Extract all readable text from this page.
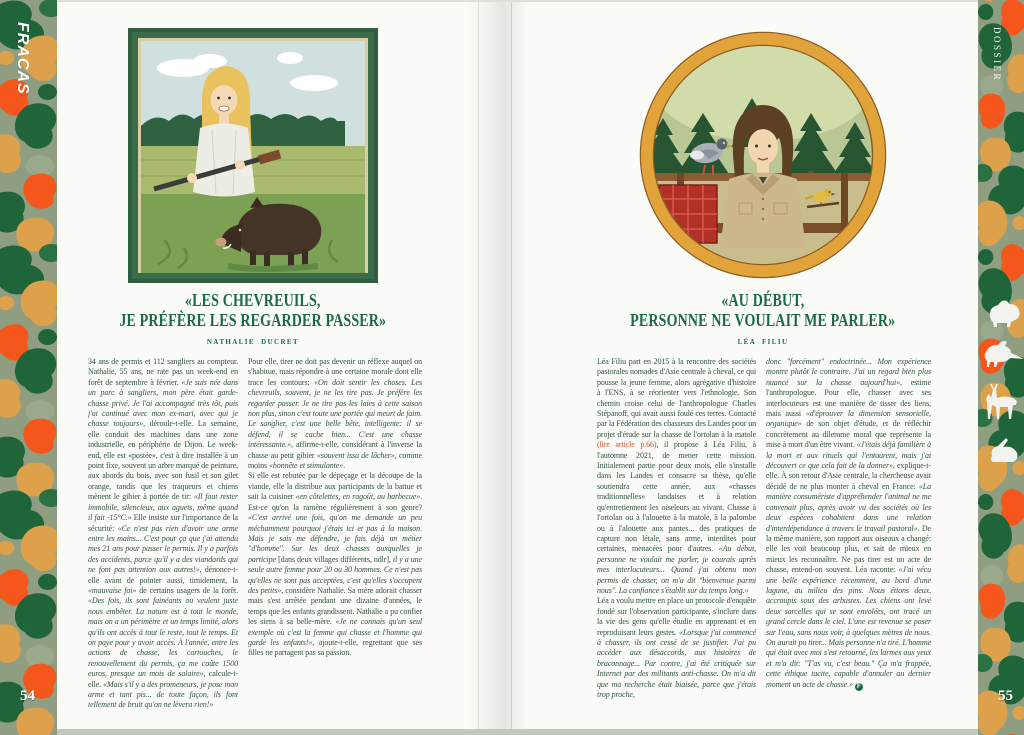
«LES CHEVREUILS,
JE PRÉFÈRE LES REGARDER PASSER»
NATHALIE DUCRET
34 ans de permis et 112 sangliers au compteur. Nathalie, 55 ans, ne rate pas un week-end en forêt de septembre à février. «Je suis née dans un parc à sangliers, mon père était garde-chasse privé. Je l'ai accompagné très tôt, puis j'ai continué avec mon ex-mari, avec qui je chasse toujours», déroule-t-elle. La semaine, elle conduit des machines dans une zone industrielle, en périphérie de Dijon. Le week-end, elle est «postée», c'est à dire installée à un point fixe, souvent un arbre marqué de peinture, aux abords du bois, avec son fusil et son gilet orange, tandis que les traqueurs et chiens mènent le gibier à portée de tir: «Il faut rester immobile, silencieux, aux aguets, même quand il fait -15°C.» Elle insiste sur l'importance de la sécurité: «Ce n'est pas rien d'avoir une arme entre les mains... C'est pour ça que j'ai attendu mes 21 ans pour passer le permis. Il y a parfois des accidents, parce qu'il y a des viandards qui ne font pas attention aux autres!», dénonce-t-elle avant de pointer aussi, timidement, la «mauvaise foi» de certains usagers de la forêt. «Des fois, ils sont fainéants ou veulent juste nous embêter. La nature est à tout le monde, mais on a un périmètre et un temps limité, alors qu'ils ont accès à tout le reste, tout le temps. Et on paye pour y avoir accès. À l'année, entre les actions de chasse, les cartouches, le renouvellement du permis, ça me coûte 1500 euros, presque un mois de salaire», calcule-t-elle. «Mais s'il y a des promeneurs, je pose mon arme et tant pis... de toute façon, ils font tellement de bruit qu'on ne lèvera rien!»
Pour elle, tirer ne doit pas devenir un réflexe auquel on s'habitue, mais répondre à une certaine morale dont elle trace les contours: «On doit sentir les choses. Les chevreuils, souvent, je ne les tire pas. Je préfère les regarder passer. Je ne tire pas les laies à cette saison non plus, sinon c'est toute une portée qui meurt de faim. Le sanglier, c'est une belle bête, intelligente: il se défend, il se cache bien... C'est une chasse intéressante.», affirme-t-elle, considérant à l'inverse la chasse au petit gibier «souvent issu de lâcher», comme moins «honnête et stimulante».
Si elle est rebutée par le dépeçage et la découpe de la viande, elle la distribue aux participants de la battue et sait la cuisiner «en côtelettes, en ragoût, au barbecue». Est-ce qu'on la ramène régulièrement à son genre? «C'est arrivé une fois, qu'on me demande un peu méchamment pourquoi j'étais ici et pas à la maison. Mais je sais me défendre, je fais déjà un métier "d'homme". Sur les deux chasses auxquelles je participe [dans deux villages différents, ndlr], il y a une seule autre femme pour 20 ou 30 hommes. Ce n'est pas qu'elles ne sont pas acceptées, c'est qu'elles s'occupent des petits», considère Nathalie. Sa mère adorait chasser mais s'est arrêtée pendant une dizaine d'années, le temps que les enfants grandissent. Nathalie a pu confier les siens à sa belle-mère. «Je ne connais qu'un seul exemple où c'est la femme qui chasse et l'homme qui garde les enfants!», ajoute-t-elle, regrettant que ses filles ne partagent pas sa passion.
«AU DÉBUT,
PERSONNE NE VOULAIT ME PARLER»
LÉA FILIU
Léa Filiu part en 2015 à la rencontre des sociétés pastorales nomades d'Asie centrale à cheval, ce qui pousse la jeune femme, alors agrégative d'histoire à l'ENS, à se réorienter vers l'ethnologie. Son chemin croise celui de l'anthropologue Charles Stépanoff, qui avait aussi foulé ces terres. Contacté par la Fédération des chasseurs des Landes pour un projet d'étude sur la chasse de l'ortolan à la matole (lire article p.66), il propose à Léa Filiu, à l'automne 2021, de mener cette mission. Initialement partie pour deux mois, elle s'installe dans les Landes et consacre sa thèse, qu'elle soutiendra cette année, aux «chasses traditionnelles» landaises et à relation qu'entretiennent les oiseleurs au vivant. Chasse à l'ortolan ou à l'alouette à la matole, à la palombe ou à l'alouette aux pantes... des pratiques de capture non létale, sans arme, interdites pour certaines, menacées pour d'autres. «Au début, personne ne voulait me parler, je courais après mes interlocuteurs... Quand j'ai obtenu mon permis de chasser, on m'a dit "bienvenue parmi nous". La confiance s'établit sur du temps long.»
Léa a voulu mettre en place un protocole d'enquête fondé sur l'observation participante, s'inclure dans la vie des gens qu'elle étudie en apprenant et en reproduisant leurs gestes. «Lorsque j'ai commencé à chasser, ils ont cessé de se justifier. J'ai pu accéder aux désaccords, aux histoires de braconnage... Par contre, j'ai été critiquée sur Internet par des militants anti-chasse. On m'a dit que ma recherche était biaisée, parce que j'étais trop proche,
donc "forcément" endoctrinée... Mon expérience montre plutôt le contraire. J'ai un regard bien plus nuancé sur la chasse aujourd'hui», estime l'anthropologue. Pour elle, chasser avec ses interlocuteurs est une manière de tisser des liens, mais aussi «d'éprouver la dimension sensorielle, organique» de son objet d'étude, et de réfléchir concrètement au dilemme moral que représente la mise à mort d'un être vivant. «J'étais déjà familière à la mort et aux rituels qui l'entourent, mais j'ai découvert ce que cela fait de la donner», explique-t-elle. À son retour d'Asie centrale, la chercheuse avait décidé de ne plus monter à cheval en France: «La manière consumériste d'appréhender l'animal ne me convenait plus, après avoir vu des sociétés où les deux espèces cohabitent dans une relation d'interdépendance à travers le travail pastoral». De la même manière, son rapport aux oiseaux a changé: elle les voit beaucoup plus, et sait de mieux en mieux les reconnaître. Ne pas tirer est un acte de chasse, entend-on souvent. Léa raconte: «J'ai vécu une belle expérience récemment, au bord d'une lagune, au milieu des pins. Nous étions deux, accroupis sous des arbustes. Les chiens ont levé deux sarcelles qui se sont envolées, ont tracé un grand cercle dans le ciel. L'une est revenue se poser sur l'eau, sans nous voir, à quelques mètres de nous. On aurait pu tirer... Mais personne n'a tiré. L'homme qui était avec moi s'est retourné, les larmes aux yeux et m'a dit: "T'as vu, c'est beau." Ça m'a frappée, cette éthique tacite, capable d'annuler au dernier moment un acte de chasse.» F
FRACAS	DOSSIER
54	55
